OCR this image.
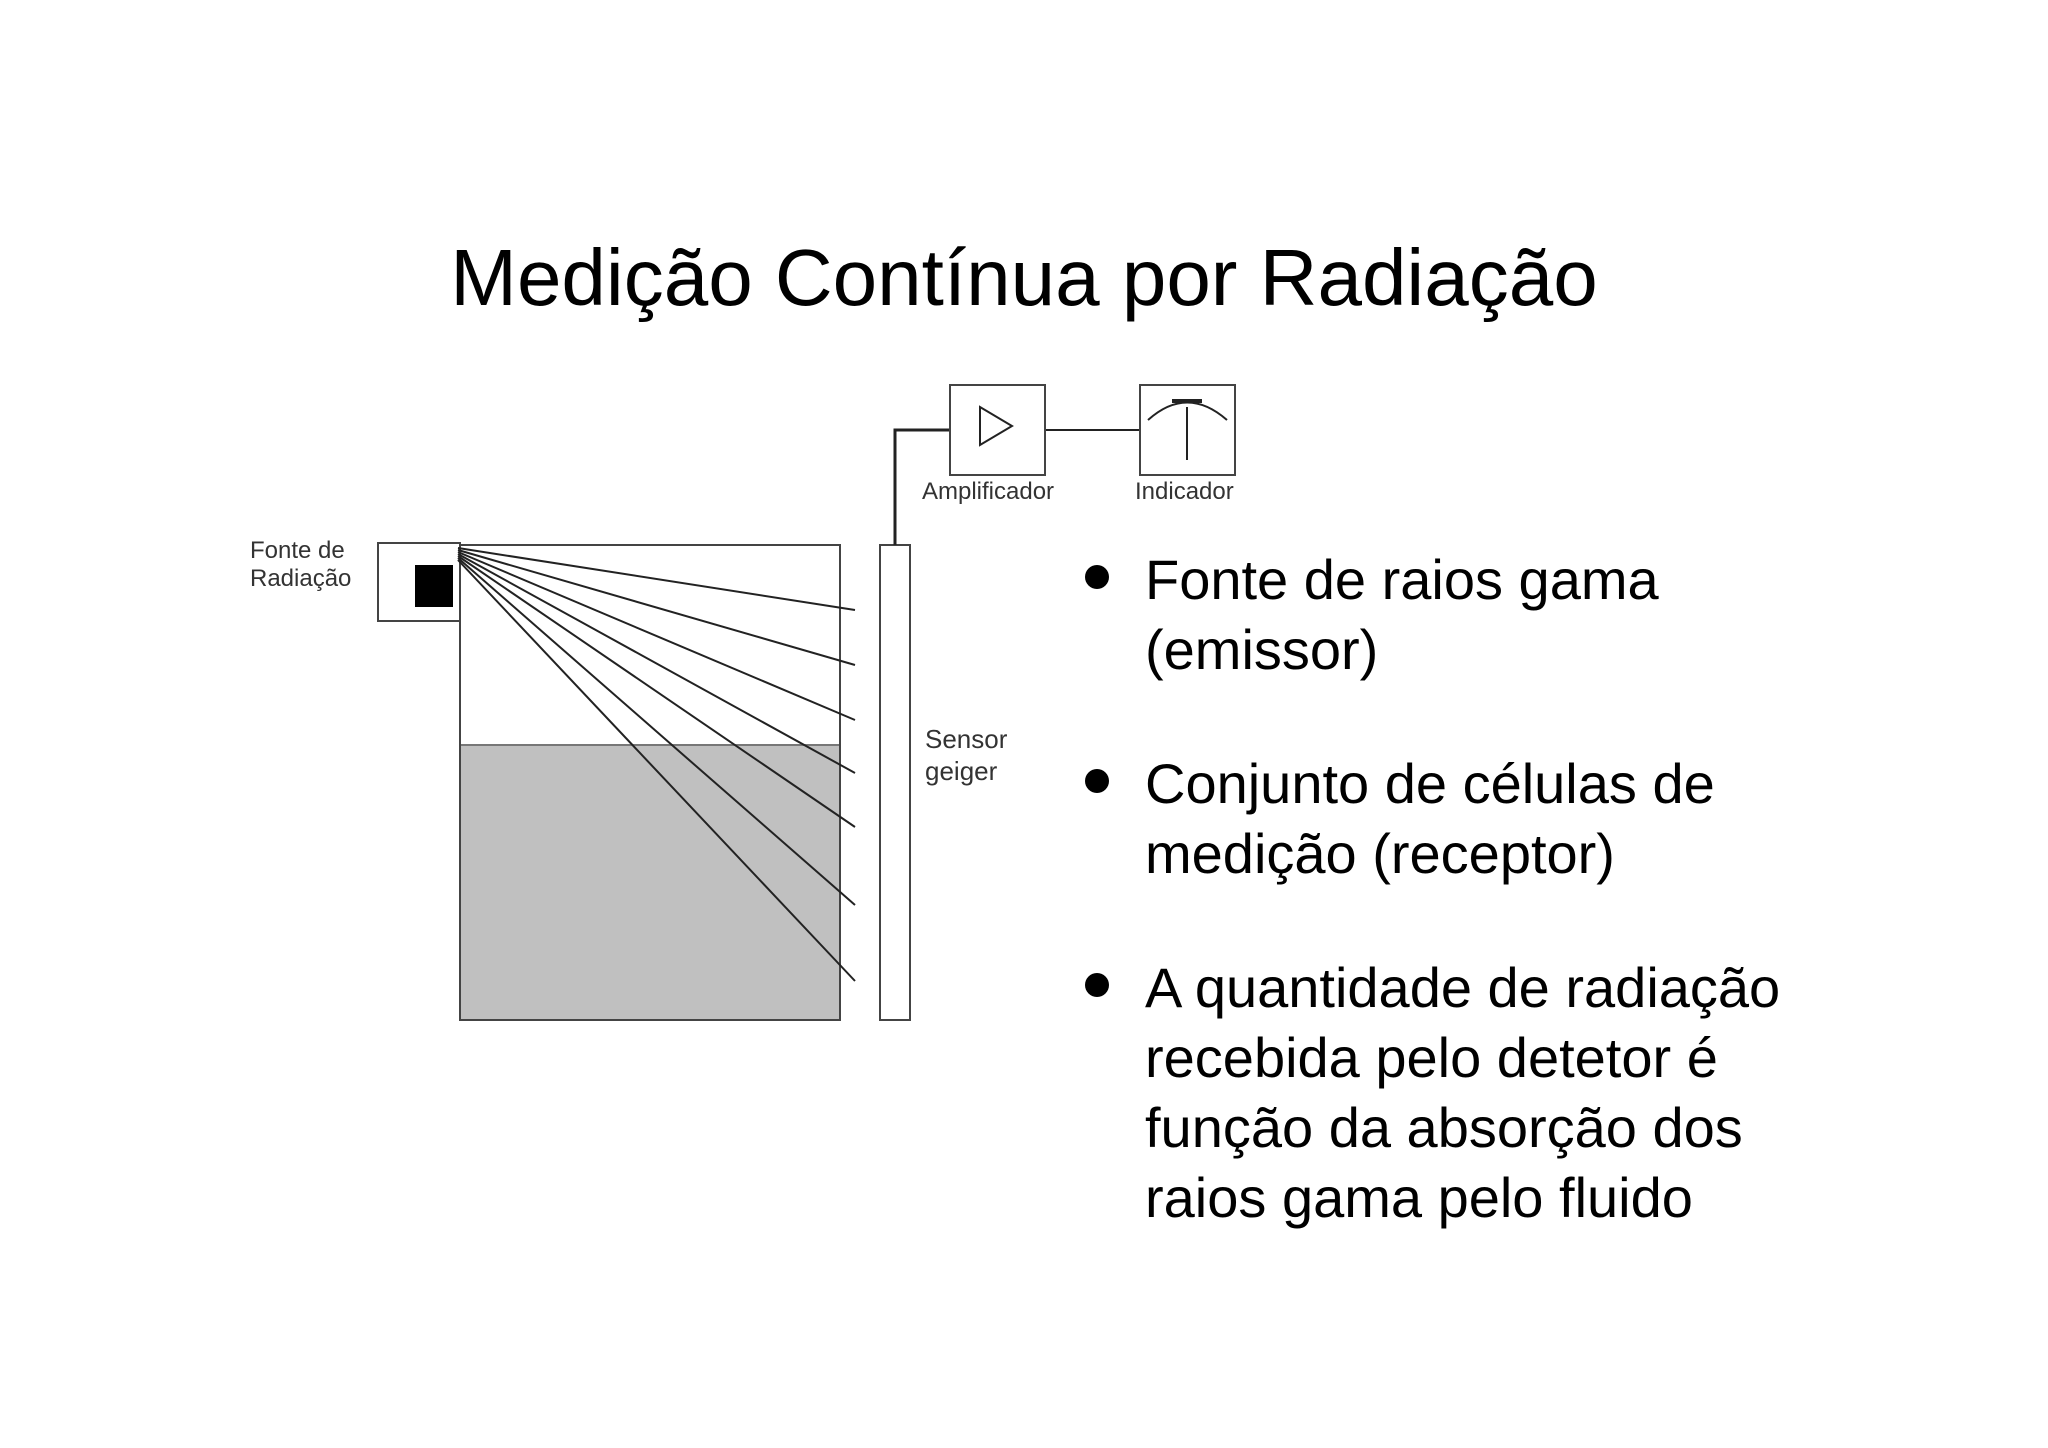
Medição Contínua por Radiação
Fonte de
Radiação
Sensor
geiger
Amplificador	Indicador
Fonte de raios gama
(emissor)
Conjunto de células de
medição (receptor)
A quantidade de radiação
recebida pelo detetor é
função da absorção dos
raios gama pelo fluido
